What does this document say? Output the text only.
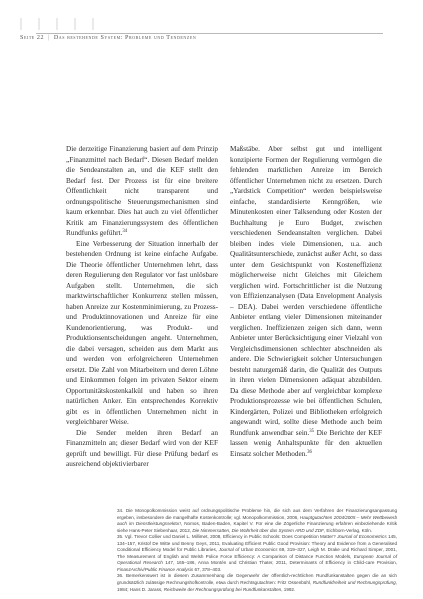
Seite 22 | Das bestehende System: Probleme und Tendenzen

Die derzeitige Finanzierung basiert auf dem Prinzip „Finanzmittel nach Bedarf“. Diesen Bedarf melden die Sendeanstalten an, und die KEF stellt den Bedarf fest. Der Prozess ist für eine breitere Öffentlichkeit nicht transparent und ordnungspolitische Steuerungsmechanismen sind kaum erkennbar. Dies hat auch zu viel öffentlicher Kritik am Finanzierungssystem des öffentlichen Rundfunks geführt.$^{34}$

Eine Verbesserung der Situation innerhalb der bestehenden Ordnung ist keine einfache Aufgabe. Die Theorie öffentlicher Unternehmen lehrt, dass deren Regulierung den Regulator vor fast unlösbare Aufgaben stellt. Unternehmen, die sich marktwirtschaftlicher Konkurrenz stellen müssen, haben Anreize zur Kostenminimierung, zu Prozess- und Produktinnovationen und Anreize für eine Kundenorientierung, was Produkt- und Produktionsentscheidungen angeht. Unternehmen, die dabei versagen, scheiden aus dem Markt aus und werden von erfolgreicheren Unternehmen ersetzt. Die Zahl von Mitarbeitern und deren Löhne und Einkommen folgen im privaten Sektor einem Opportunitätskostenkalkül und haben so ihren natürlichen Anker. Ein entsprechendes Korrektiv gibt es in öffentlichen Unternehmen nicht in vergleichbarer Weise.

Die Sender melden ihren Bedarf an Finanzmitteln an; dieser Bedarf wird von der KEF geprüft und bewilligt. Für diese Prüfung bedarf es ausreichend objektivierbarer

Maßstäbe. Aber selbst gut und intelligent konzipierte Formen der Regulierung vermögen die fehlenden marktlichen Anreize im Bereich öffentlicher Unternehmen nicht zu ersetzen. Durch „Yardstick Competition“ werden beispielsweise einfache, standardisierte Kenngrößen, wie Minutenkosten einer Talksendung oder Kosten der Buchhaltung je Euro Budget, zwischen verschiedenen Sendeanstalten verglichen. Dabei bleiben indes viele Dimensionen, u.a. auch Qualitätsunterschiede, zunächst außer Acht, so dass unter dem Gesichtspunkt von Kosteneffizienz möglicherweise nicht Gleiches mit Gleichem verglichen wird. Fortschrittlicher ist die Nutzung von Effizienzanalysen (Data Envelopment Analysis – DEA). Dabei werden verschiedene öffentliche Anbieter entlang vieler Dimensionen miteinander verglichen. Ineffizienzen zeigen sich dann, wenn Anbieter unter Berücksichtigung einer Vielzahl von Vergleichsdimensionen schlechter abschneiden als andere. Die Schwierigkeit solcher Untersuchungen besteht naturgemäß darin, die Qualität des Outputs in ihren vielen Dimensionen adäquat abzubilden. Da diese Methode aber auf vergleichbar komplexe Produktionsprozesse wie bei öffentlichen Schulen, Kindergärten, Polizei und Bibliotheken erfolgreich angewandt wird, sollte diese Methode auch beim Rundfunk anwendbar sein.$^{35}$ Die Berichte der KEF lassen wenig Anhaltspunkte für den aktuellen Einsatz solcher Methoden.$^{36}$

34. Die Monopolkommission weist auf ordnungspolitische Probleme hin, die sich aus dem Verfahren der Finanzierungsanpassung ergeben, insbesondere die mangelhafte Kostenkontrolle; vgl. Monopolkommission, 2006, Hauptgutachten 2004/2005 – Mehr Wettbewerb auch im Dienstleistungssektor!, Nomos, Baden-Baden, Kapitel V. Für eine die Zögerliche Finanzierung erfahren einbeziehende Kritik siehe Hans-Peter Siebenhaar, 2012, Die Nimmersatten, Die Wahrheit über das System ARD und ZDF, Eichborn-Verlag, Köln.

35. Vgl. Trevor Collier und Daniel L. Millimet, 2008, Efficiency in Public Schools: Does Competition Matter? Journal of Econometrics 145, 134–157, Kristof De Witte und Benny Geys, 2011, Evaluating Efficient Public Good Provision: Theory and Evidence from a Generalised Conditional Efficiency Model for Public Libraries, Journal of Urban Economics 69, 319–327, Leigh M. Drake und Richard Simper, 2001, The Measurement of English and Welsh Police Force Efficiency: A Comparison of Distance Function Models, European Journal of Operational Research 147, 165–186, Anna Montén und Christian Thater, 2011, Determinants of Efficiency in Child-care Provision, FinanzArchiv/Public Finance Analysis 67, 378–403.

36. Bemerkenswert ist in diesem Zusammenhang die Gegenwehr der öffentlich-rechtlichen Rundfunkanstalten gegen die an sich grundsätzlich zulässige Rechnungshofkontrolle, etwa durch Rechtsgutachten: Fritz Ossenbühl, Rundfunkfreiheit und Rechnungsprüfung, 1984; Hans D. Jarass, Reichweite der Rechnungsprüfung bei Rundfunkanstalten, 1992.
